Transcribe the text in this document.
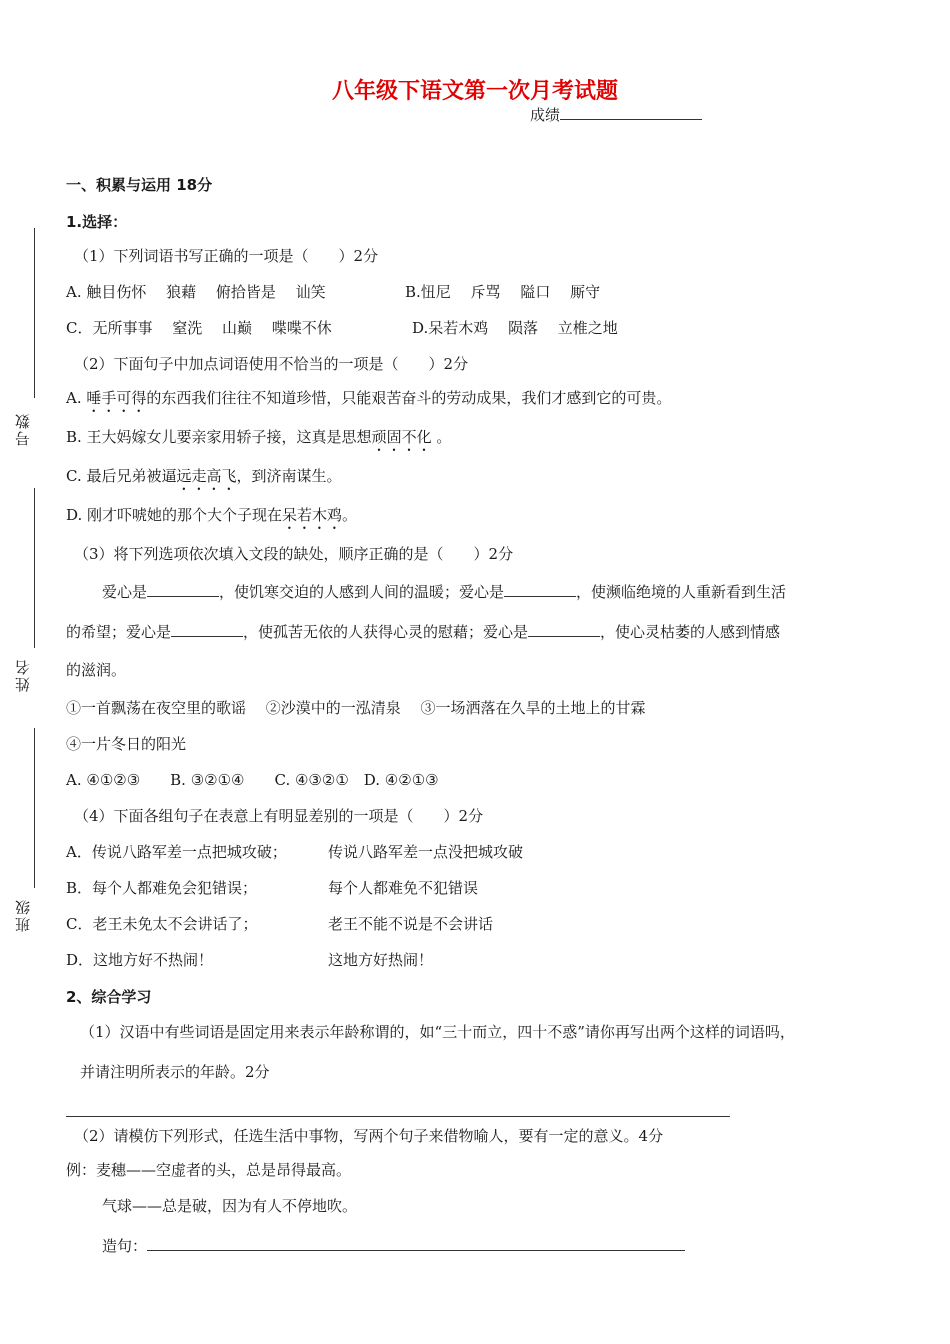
八年级下语文第一次月考试题
成绩
号数
姓名
班级
一、积累与运用 18分
1.选择：
（1）下列词语书写正确的一项是（　　）2分
A. 触目伤怀　 狼藉　 俯拾皆是　 讪笑	B.忸尼　 斥骂　 隘口　 厮守
C．无所事事　 窒洗　 山巅　 喋喋不休	D.呆若木鸡　 陨落　 立椎之地
（2）下面句子中加点词语使用不恰当的一项是（　　）2分
A. 唾手可得的东西我们往往不知道珍惜，只能艰苦奋斗的劳动成果，我们才感到它的可贵。
B. 王大妈嫁女儿要亲家用轿子接，这真是思想顽固不化 。
C. 最后兄弟被逼远走高飞，到济南谋生。
D. 刚才吓唬她的那个大个子现在呆若木鸡。
（3）将下列选项依次填入文段的缺处，顺序正确的是（　　）2分
爱心是	，使饥寒交迫的人感到人间的温暖；爱心是	，使濒临绝境的人重新看到生活
的希望；爱心是	，使孤苦无依的人获得心灵的慰藉；爱心是	，使心灵枯萎的人感到情感
的滋润。
①一首飘荡在夜空里的歌谣　 ②沙漠中的一泓清泉　 ③一场洒落在久旱的土地上的甘霖
④一片冬日的阳光
A. ④①②③　　B. ③②①④　　C. ④③②①　D. ④②①③
（4）下面各组句子在表意上有明显差别的一项是（　　）2分
A．传说八路军差一点把城攻破；	传说八路军差一点没把城攻破
B．每个人都难免会犯错误；	每个人都难免不犯错误
C．老王未免太不会讲话了；	老王不能不说是不会讲话
D．这地方好不热闹！	这地方好热闹！
2、综合学习
（1）汉语中有些词语是固定用来表示年龄称谓的，如“三十而立，四十不惑”请你再写出两个这样的词语吗，
并请注明所表示的年龄。2分
（2）请模仿下列形式，任选生活中事物，写两个句子来借物喻人，要有一定的意义。4分
例：麦穗——空虚者的头，总是昂得最高。
气球——总是破，因为有人不停地吹。
造句：
